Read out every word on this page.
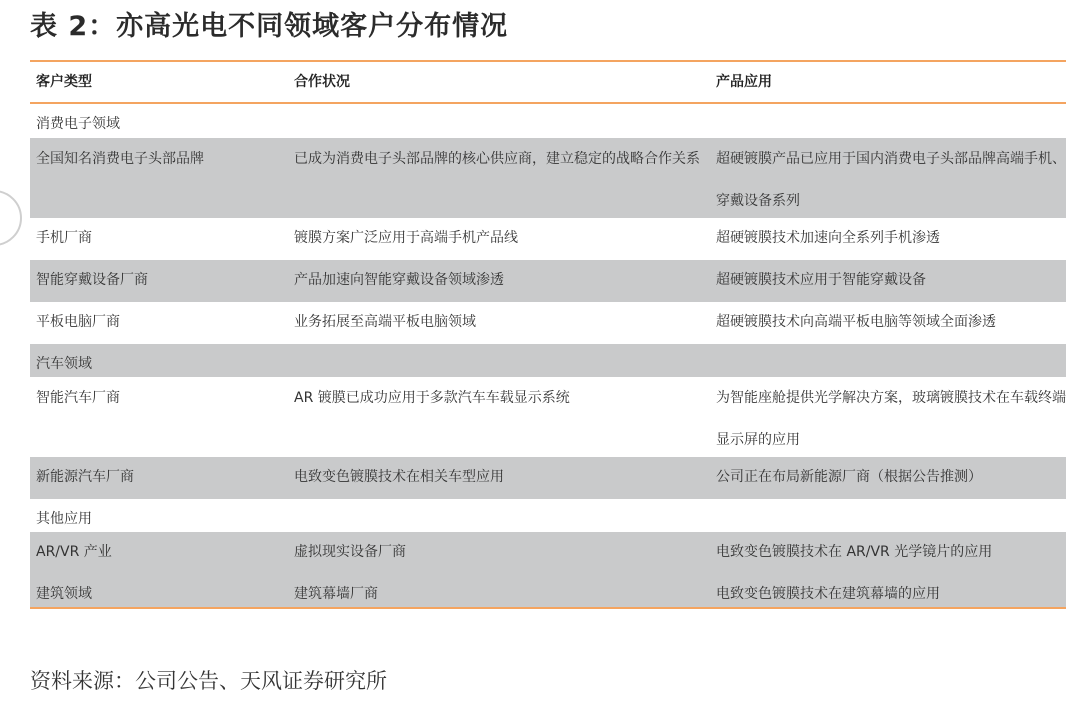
表 2：亦高光电不同领域客户分布情况
客户类型	合作状况	产品应用
消费电子领域
全国知名消费电子头部品牌	已成为消费电子头部品牌的核心供应商，建立稳定的战略合作关系	超硬镀膜产品已应用于国内消费电子头部品牌高端手机、穿戴设备系列
手机厂商	镀膜方案广泛应用于高端手机产品线	超硬镀膜技术加速向全系列手机渗透
智能穿戴设备厂商	产品加速向智能穿戴设备领域渗透	超硬镀膜技术应用于智能穿戴设备
平板电脑厂商	业务拓展至高端平板电脑领域	超硬镀膜技术向高端平板电脑等领域全面渗透
汽车领域
智能汽车厂商	AR 镀膜已成功应用于多款汽车车载显示系统	为智能座舱提供光学解决方案，玻璃镀膜技术在车载终端显示屏的应用
新能源汽车厂商	电致变色镀膜技术在相关车型应用	公司正在布局新能源厂商（根据公告推测）
其他应用
AR/VR 产业	虚拟现实设备厂商	电致变色镀膜技术在 AR/VR 光学镜片的应用
建筑领域	建筑幕墙厂商	电致变色镀膜技术在建筑幕墙的应用
资料来源：公司公告、天风证券研究所
